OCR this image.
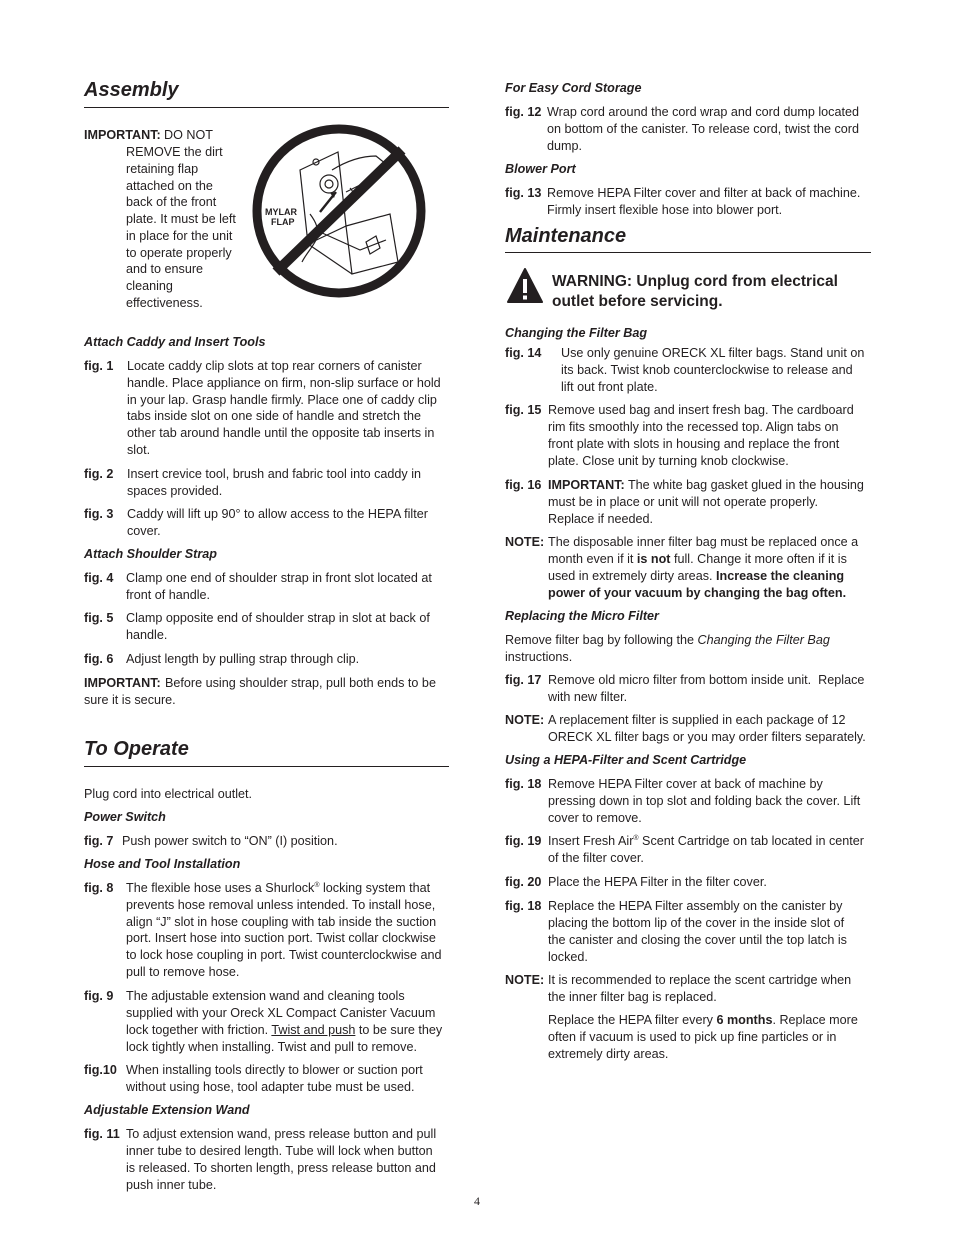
Assembly
IMPORTANT: DO NOT
REMOVE the dirt
retaining flap
attached on the
back of the front
plate. It must be left
in place for the unit
to operate properly
and to ensure
cleaning
effectiveness.
MYLAR
FLAP
Attach Caddy and Insert Tools
fig. 1 Locate caddy clip slots at top rear corners of canister
handle. Place appliance on firm, non-slip surface or hold
in your lap. Grasp handle firmly. Place one of caddy clip
tabs inside slot on one side of handle and stretch the
other tab around handle until the opposite tab inserts in
slot.
fig. 2 Insert crevice tool, brush and fabric tool into caddy in
spaces provided.
fig. 3 Caddy will lift up 90° to allow access to the HEPA filter
cover.
Attach Shoulder Strap
fig. 4 Clamp one end of shoulder strap in front slot located at
front of handle.
fig. 5 Clamp opposite end of shoulder strap in slot at back of
handle.
fig. 6 Adjust length by pulling strap through clip.
IMPORTANT: Before using shoulder strap, pull both ends to be
sure it is secure.
To Operate
Plug cord into electrical outlet.
Power Switch
fig. 7 Push power switch to “ON” (I) position.
Hose and Tool Installation
fig. 8 The flexible hose uses a Shurlock® locking system that
prevents hose removal unless intended. To install hose,
align “J” slot in hose coupling with tab inside the suction
port. Insert hose into suction port. Twist collar clockwise
to lock hose coupling in port. Twist counterclockwise and
pull to remove hose.
fig. 9 The adjustable extension wand and cleaning tools
supplied with your Oreck XL Compact Canister Vacuum
lock together with friction. Twist and push to be sure they
lock tightly when installing. Twist and pull to remove.
fig.10 When installing tools directly to blower or suction port
without using hose, tool adapter tube must be used.
Adjustable Extension Wand
fig. 11 To adjust extension wand, press release button and pull
inner tube to desired length. Tube will lock when button
is released. To shorten length, press release button and
push inner tube.
For Easy Cord Storage
fig. 12 Wrap cord around the cord wrap and cord dump located
on bottom of the canister. To release cord, twist the cord
dump.
Blower Port
fig. 13 Remove HEPA Filter cover and filter at back of machine.
Firmly insert flexible hose into blower port.
Maintenance
WARNING: Unplug cord from electrical
outlet before servicing.
Changing the Filter Bag
fig. 14 Use only genuine ORECK XL filter bags. Stand unit on
its back. Twist knob counterclockwise to release and
lift out front plate.
fig. 15 Remove used bag and insert fresh bag. The cardboard
rim fits smoothly into the recessed top. Align tabs on
front plate with slots in housing and replace the front
plate. Close unit by turning knob clockwise.
fig. 16 IMPORTANT: The white bag gasket glued in the housing
must be in place or unit will not operate properly.
Replace if needed.
NOTE: The disposable inner filter bag must be replaced once a
month even if it is not full. Change it more often if it is
used in extremely dirty areas. Increase the cleaning
power of your vacuum by changing the bag often.
Replacing the Micro Filter
Remove filter bag by following the Changing the Filter Bag
instructions.
fig. 17 Remove old micro filter from bottom inside unit.  Replace
with new filter.
NOTE: A replacement filter is supplied in each package of 12
ORECK XL filter bags or you may order filters separately.
Using a HEPA-Filter and Scent Cartridge
fig. 18 Remove HEPA Filter cover at back of machine by
pressing down in top slot and folding back the cover. Lift
cover to remove.
fig. 19 Insert Fresh Air® Scent Cartridge on tab located in center
of the filter cover.
fig. 20 Place the HEPA Filter in the filter cover.
fig. 18 Replace the HEPA Filter assembly on the canister by
placing the bottom lip of the cover in the inside slot of
the canister and closing the cover until the top latch is
locked.
NOTE: It is recommended to replace the scent cartridge when
the inner filter bag is replaced.
Replace the HEPA filter every 6 months. Replace more
often if vacuum is used to pick up fine particles or in
extremely dirty areas.
4
